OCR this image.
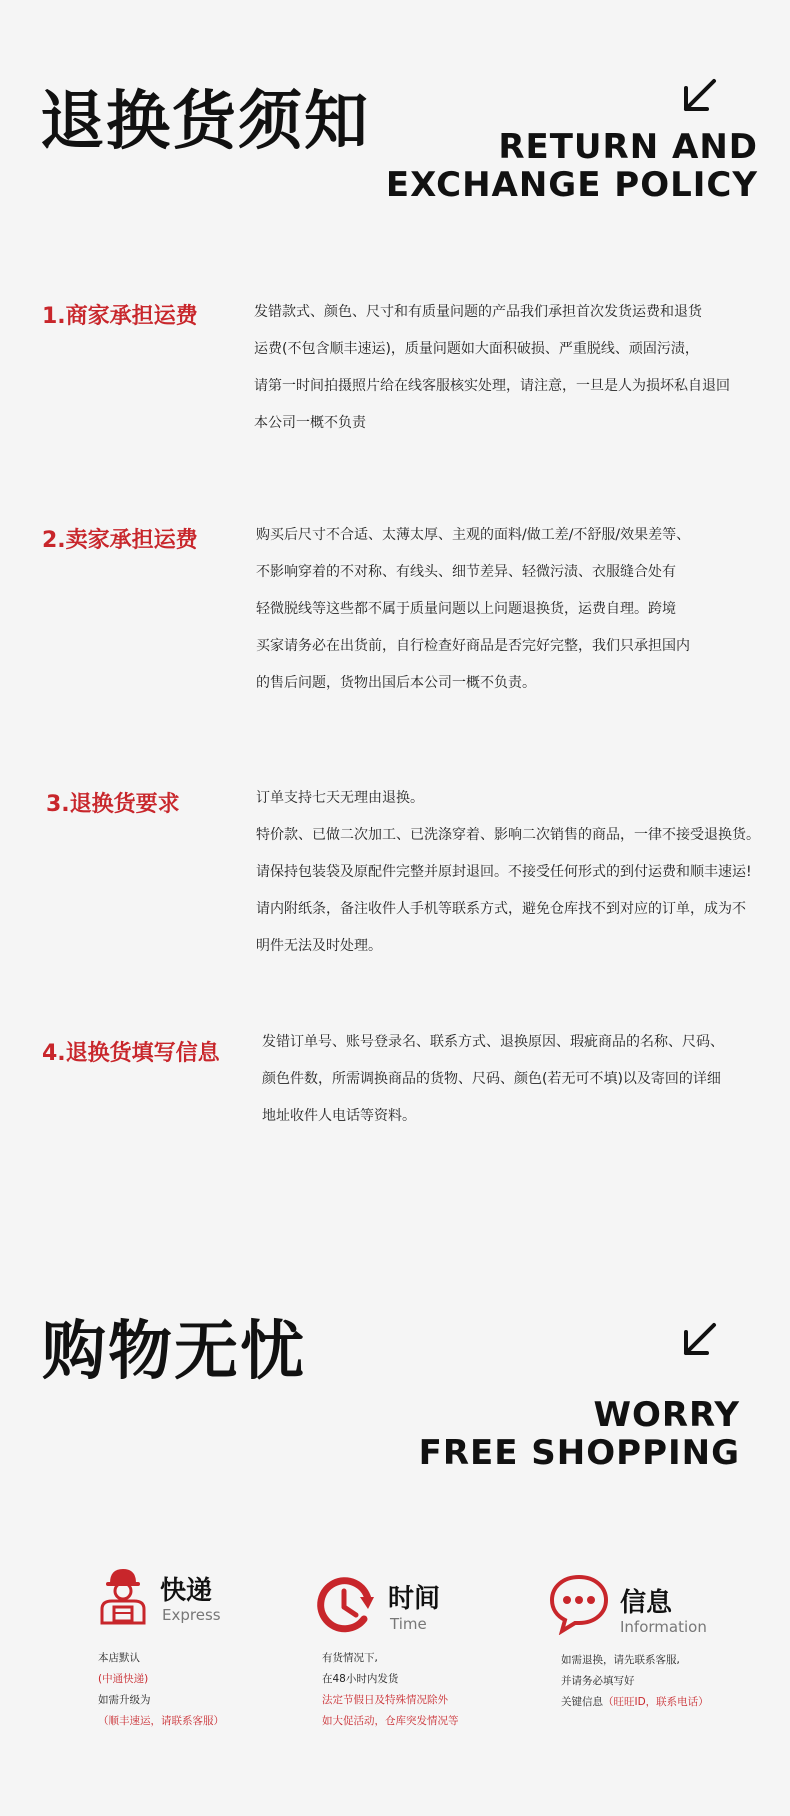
退换货须知	RETURN AND
EXCHANGE POLICY
1.商家承担运费	发错款式、颜色、尺寸和有质量问题的产品我们承担首次发货运费和退货
运费(不包含顺丰速运)，质量问题如大面积破损、严重脱线、顽固污渍，
请第一时间拍摄照片给在线客服核实处理，请注意，一旦是人为损坏私自退回
本公司一概不负责
2.卖家承担运费	购买后尺寸不合适、太薄太厚、主观的面料/做工差/不舒服/效果差等、
不影响穿着的不对称、有线头、细节差异、轻微污渍、衣服缝合处有
轻微脱线等这些都不属于质量问题以上问题退换货，运费自理。跨境
买家请务必在出货前，自行检查好商品是否完好完整，我们只承担国内
的售后问题，货物出国后本公司一概不负责。
3.退换货要求	订单支持七天无理由退换。
特价款、已做二次加工、已洗涤穿着、影响二次销售的商品，一律不接受退换货。
请保持包装袋及原配件完整并原封退回。不接受任何形式的到付运费和顺丰速运!
请内附纸条，备注收件人手机等联系方式，避免仓库找不到对应的订单，成为不
明件无法及时处理。
4.退换货填写信息	发错订单号、账号登录名、联系方式、退换原因、瑕疵商品的名称、尺码、
颜色件数，所需调换商品的货物、尺码、颜色(若无可不填)以及寄回的详细
地址收件人电话等资料。
购物无忧
WORRY
FREE SHOPPING
快递
Express
本店默认
(中通快递)
如需升级为
（顺丰速运，请联系客服）
时间
Time
有货情况下,
在48小时内发货
法定节假日及特殊情况除外
如大促活动，仓库突发情况等
信息
Information
如需退换，请先联系客服,
并请务必填写好
关键信息（旺旺ID，联系电话）
